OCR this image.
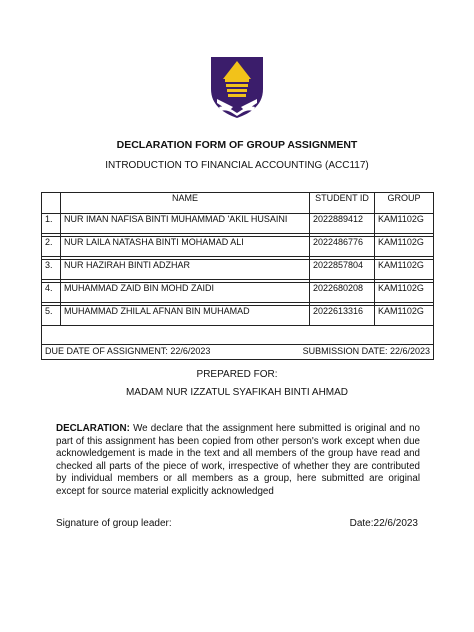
DECLARATION FORM OF GROUP ASSIGNMENT
INTRODUCTION TO FINANCIAL ACCOUNTING (ACC117)
	NAME	STUDENT ID	GROUP
1.	NUR IMAN NAFISA BINTI MUHAMMAD 'AKIL HUSAINI	2022889412	KAM1102G

2.	NUR LAILA NATASHA BINTI MOHAMAD ALI	2022486776	KAM1102G

3.	NUR HAZIRAH BINTI ADZHAR	2022857804	KAM1102G

4.	MUHAMMAD ZAID BIN MOHD ZAIDI	2022680208	KAM1102G

5.	MUHAMMAD ZHILAL AFNAN BIN MUHAMAD	2022613316	KAM1102G

DUE DATE OF ASSIGNMENT: 22/6/2023 SUBMISSION DATE: 22/6/2023			
PREPARED FOR:
MADAM NUR IZZATUL SYAFIKAH BINTI AHMAD

DECLARATION: We declare that the assignment here submitted is original and no part of this assignment has been copied from other person's work except when due acknowledgement is made in the text and all members of the group have read and checked all parts of the piece of work, irrespective of whether they are contributed by individual members or all members as a group, here submitted are original except for source material explicitly acknowledged

Signature of group leader:	Date:22/6/2023
